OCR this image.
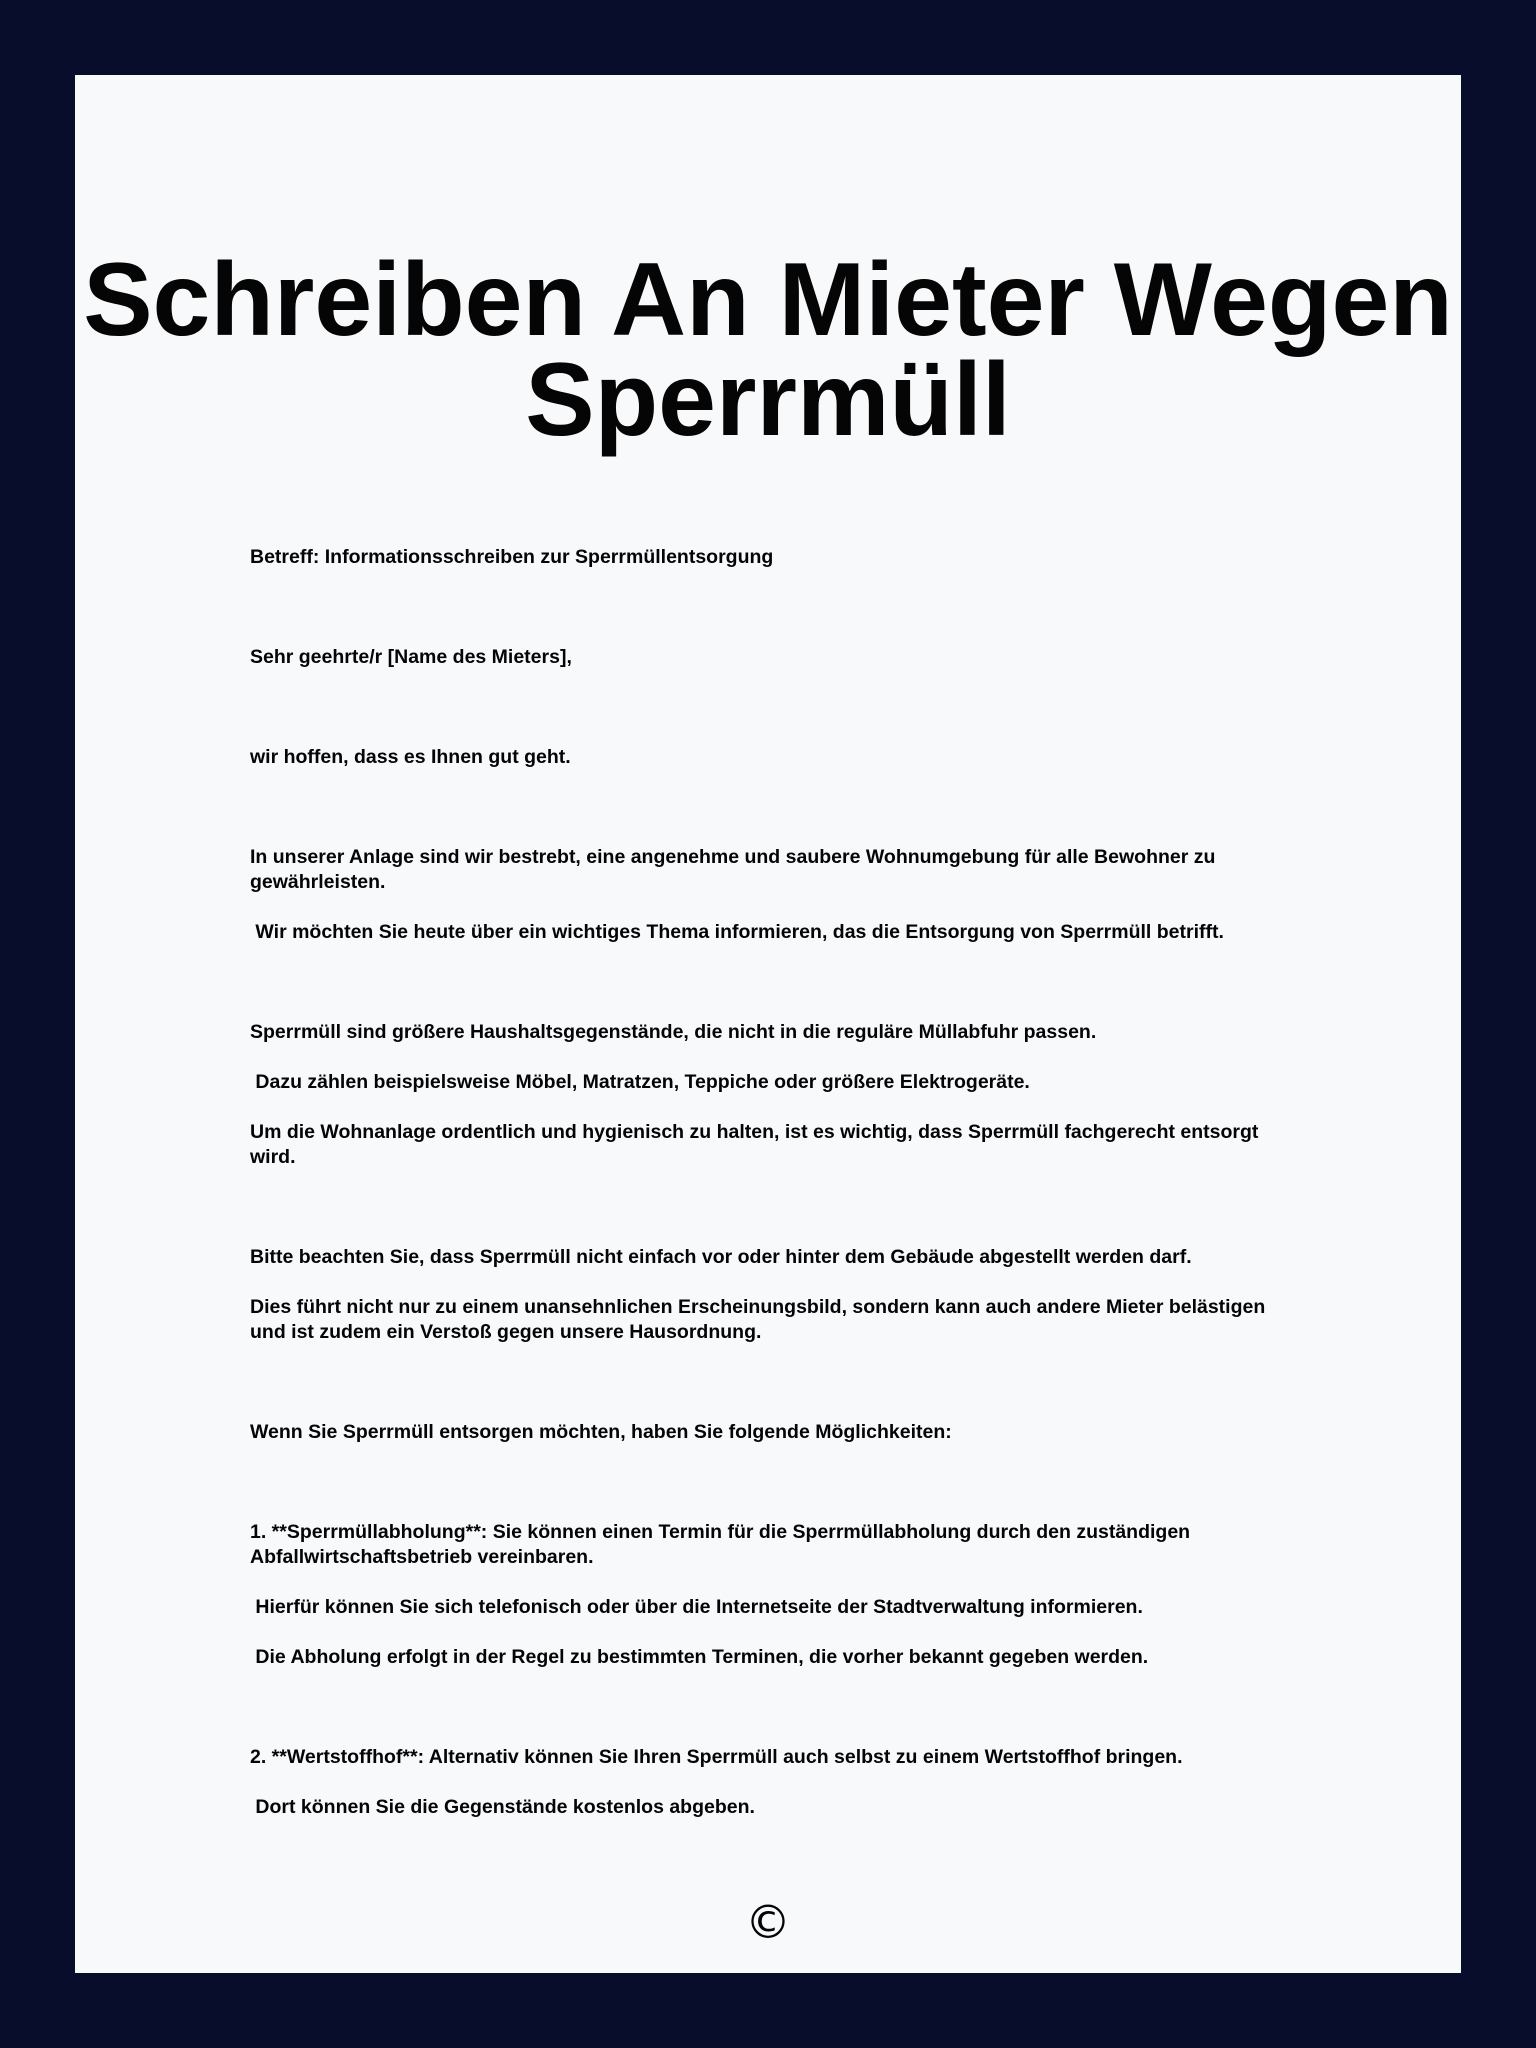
Schreiben An Mieter Wegen
Sperrmüll

Betreff: Informationsschreiben zur Sperrmüllentsorgung

Sehr geehrte/r [Name des Mieters],

wir hoffen, dass es Ihnen gut geht.

In unserer Anlage sind wir bestrebt, eine angenehme und saubere Wohnumgebung für alle Bewohner zu gewährleisten.

Wir möchten Sie heute über ein wichtiges Thema informieren, das die Entsorgung von Sperrmüll betrifft.

Sperrmüll sind größere Haushaltsgegenstände, die nicht in die reguläre Müllabfuhr passen.

Dazu zählen beispielsweise Möbel, Matratzen, Teppiche oder größere Elektrogeräte.

Um die Wohnanlage ordentlich und hygienisch zu halten, ist es wichtig, dass Sperrmüll fachgerecht entsorgt wird.

Bitte beachten Sie, dass Sperrmüll nicht einfach vor oder hinter dem Gebäude abgestellt werden darf.

Dies führt nicht nur zu einem unansehnlichen Erscheinungsbild, sondern kann auch andere Mieter belästigen und ist zudem ein Verstoß gegen unsere Hausordnung.

Wenn Sie Sperrmüll entsorgen möchten, haben Sie folgende Möglichkeiten:

1. **Sperrmüllabholung**: Sie können einen Termin für die Sperrmüllabholung durch den zuständigen Abfallwirtschaftsbetrieb vereinbaren.

Hierfür können Sie sich telefonisch oder über die Internetseite der Stadtverwaltung informieren.

Die Abholung erfolgt in der Regel zu bestimmten Terminen, die vorher bekannt gegeben werden.

2. **Wertstoffhof**: Alternativ können Sie Ihren Sperrmüll auch selbst zu einem Wertstoffhof bringen.

Dort können Sie die Gegenstände kostenlos abgeben.

©
